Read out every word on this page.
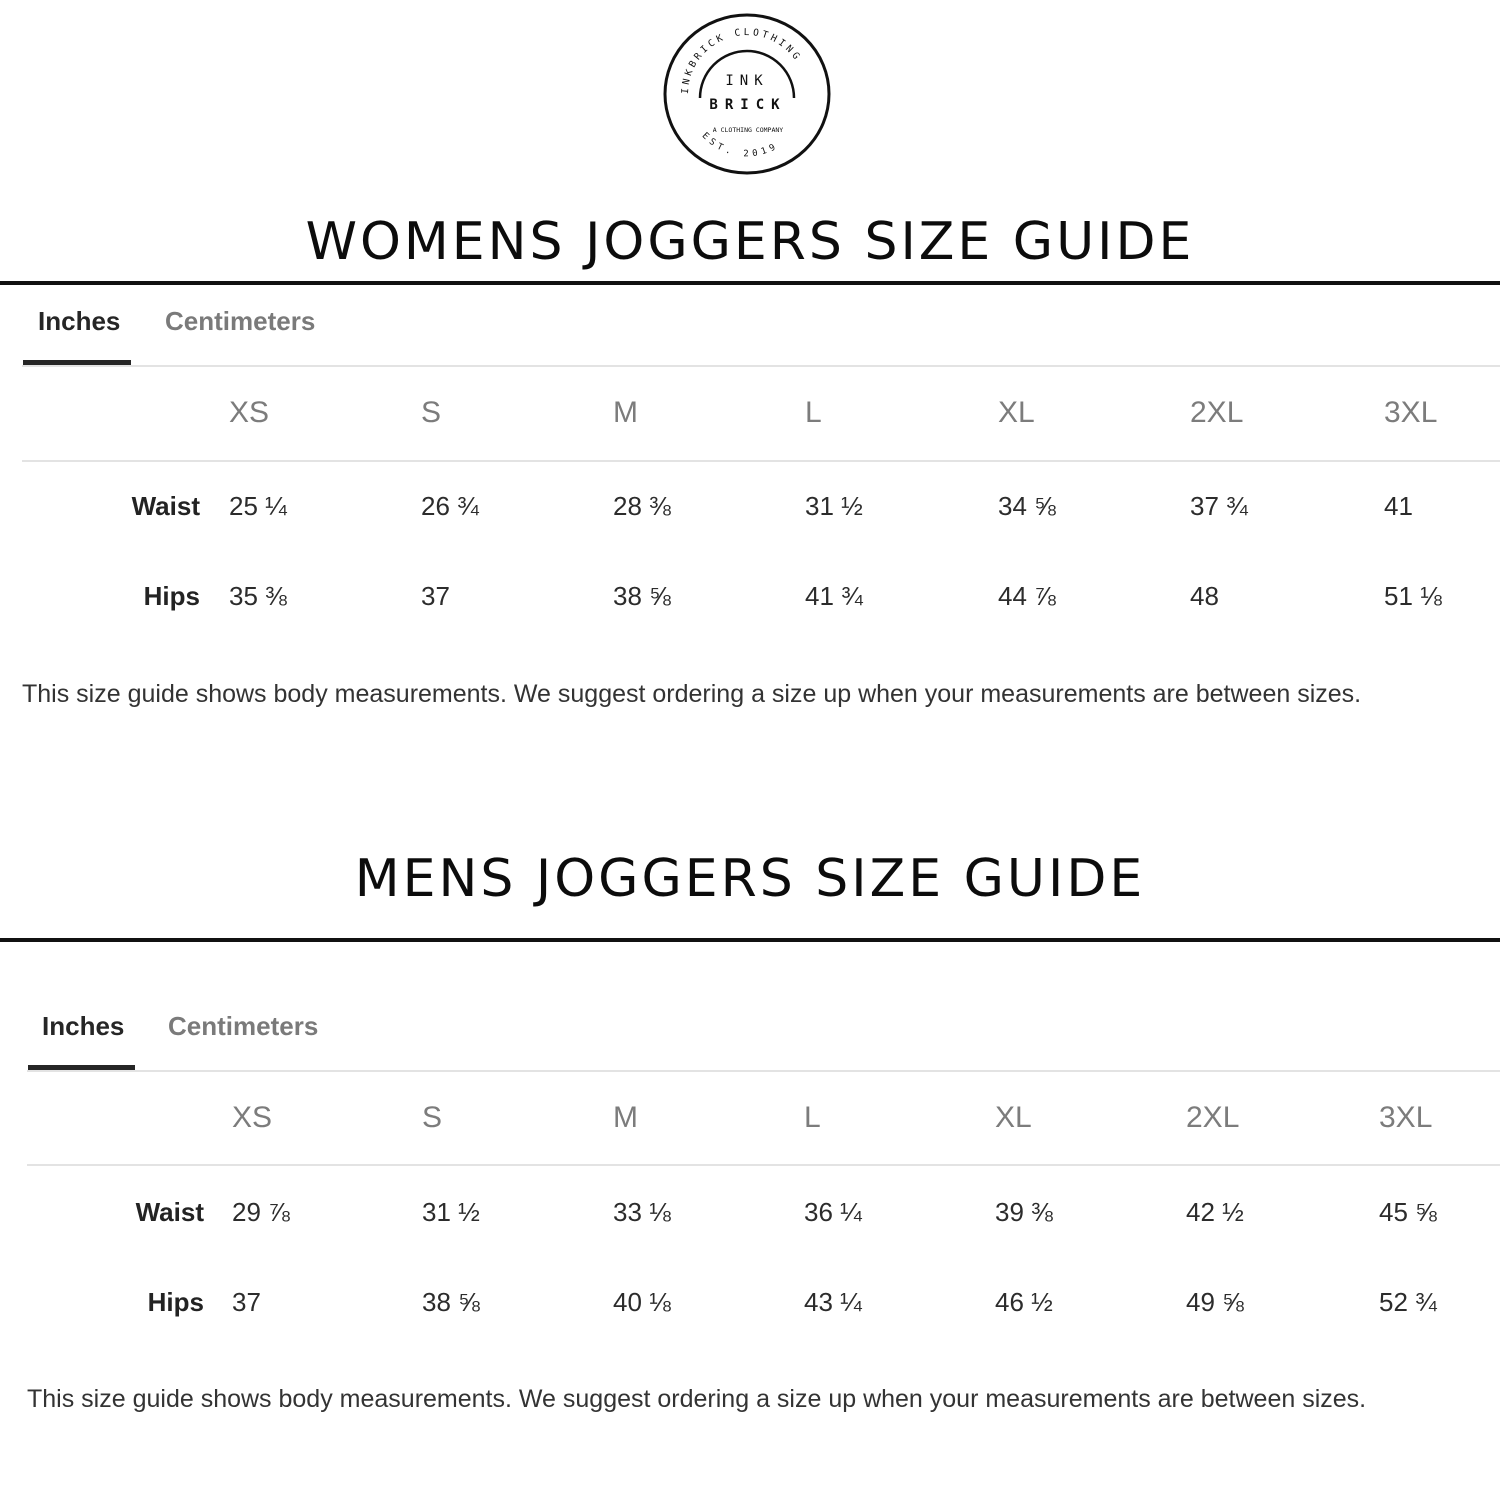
INKBRICK CLOTHING
INK
BRICK
A CLOTHING COMPANY
EST. 2019
WOMENS JOGGERS SIZE GUIDE
Inches Centimeters
XS	S	M	L	XL	2XL	3XL
Waist 25 ¼	26 ¾	28 ⅜	31 ½	34 ⅝	37 ¾	41
Hips 35 ⅜	37	38 ⅝	41 ¾	44 ⅞	48	51 ⅛
This size guide shows body measurements. We suggest ordering a size up when your measurements are between sizes.
MENS JOGGERS SIZE GUIDE
Inches Centimeters
XS	S	M	L	XL	2XL	3XL
Waist 29 ⅞	31 ½	33 ⅛	36 ¼	39 ⅜	42 ½	45 ⅝
Hips 37	38 ⅝	40 ⅛	43 ¼	46 ½	49 ⅝	52 ¾
This size guide shows body measurements. We suggest ordering a size up when your measurements are between sizes.
